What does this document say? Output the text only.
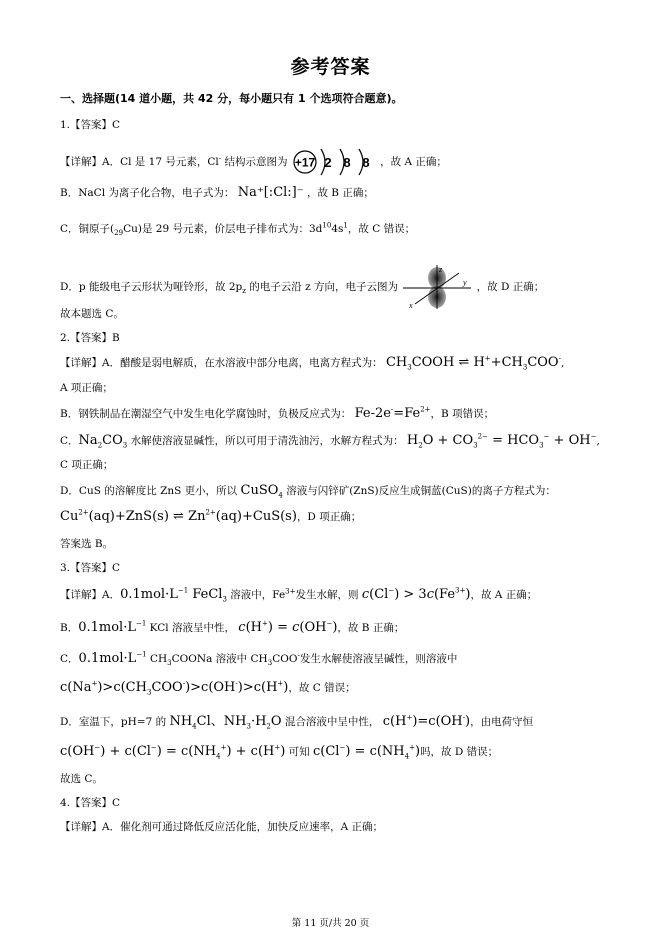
参考答案
一、选择题(14 道小题，共 42 分，每小题只有 1 个选项符合题意)。
1.【答案】C
【详解】A．Cl 是 17 号元素，Cl- 结构示意图为 +17 2 8 8 ，故 A 正确；
B．NaCl 为离子化合物，电子式为： Na⁺[:Cl:]⁻ ，故 B 正确；
C．铜原子$(_{29}Cu)$是 29 号元素，价层电子排布式为：$3d^{10}4s^1$，故 C 错误；
D．p 能级电子云形状为哑铃形，故 $2p_z$ 的电子云沿 z 方向，电子云图为
z
y
x
，故 D 正确；
故本题选 C。
2.【答案】B
【详解】A．醋酸是弱电解质，在水溶液中部分电离，电离方程式为： $CH_3COOH$ ⇌ $H^++CH_3COO^-$,
A 项正确；
B．钢铁制品在潮湿空气中发生电化学腐蚀时，负极反应式为： $Fe-2e^-=Fe^{2+}$，B 项错误；
C．$Na_2CO_3$ 水解使溶液显碱性，所以可用于清洗油污，水解方程式为： $H_2O + CO_3^{2-} = HCO_3^- + OH^-$,
C 项正确；
D．CuS 的溶解度比 ZnS 更小，所以 CuSO$_4$ 溶液与闪锌矿(ZnS)反应生成铜蓝(CuS)的离子方程式为：
$Cu^{2+}(aq)+ZnS(s)$ ⇌ $Zn^{2+}(aq)+CuS(s)$，D 项正确；
答案选 B。
3.【答案】C
【详解】A．$0.1mol\cdot L^{-1}$ FeCl$_3$ 溶液中，$Fe^{3+}$发生水解，则 $c(Cl^-) > 3c(Fe^{3+})$，故 A 正确；
B．$0.1mol\cdot L^{-1}$ KCl 溶液呈中性， c(H+) = c(OH−)，故 B 正确；
C．$0.1mol\cdot L^{-1}$ $CH_3COONa$ 溶液中 $CH_3COO^-$发生水解使溶液呈碱性，则溶液中
$c(Na^+)>c(CH_3COO^-)>c(OH^-)>c(H^+)$，故 C 错误；
D．室温下，pH=7 的 $NH_4Cl$、$NH_3\cdot H_2O$ 混合溶液中呈中性， c(H+)=c(OH-)，由电荷守恒
$c(OH^-) + c(Cl^-) = c(NH_4^+) + c(H^+)$ 可知 $c(Cl^-) = c(NH_4^+)$吗，故 D 错误；
故选 C。
4.【答案】C
【详解】A．催化剂可通过降低反应活化能，加快反应速率，A 正确；
第 11 页/共 20 页
